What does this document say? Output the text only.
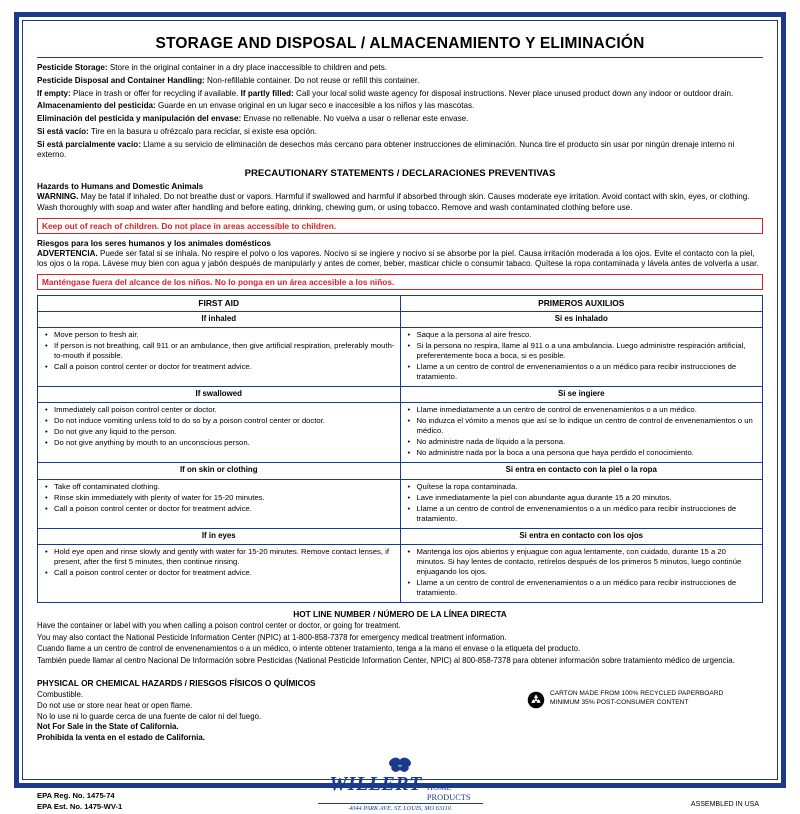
STORAGE AND DISPOSAL / ALMACENAMIENTO Y ELIMINACIÓN

Pesticide Storage: Store in the original container in a dry place inaccessible to children and pets.

Pesticide Disposal and Container Handling: Non-refillable container. Do not reuse or refill this container.

If empty: Place in trash or offer for recycling if available. If partly filled: Call your local solid waste agency for disposal instructions. Never place unused product down any indoor or outdoor drain.

Almacenamiento del pesticida: Guarde en un envase original en un lugar seco e inaccesible a los niños y las mascotas.

Eliminación del pesticida y manipulación del envase: Envase no rellenable. No vuelva a usar o rellenar este envase.

Si está vacío: Tire en la basura u ofrézcalo para reciclar, si existe esa opción.

Si está parcialmente vacío: Llame a su servicio de eliminación de desechos más cercano para obtener instrucciones de eliminación. Nunca tire el producto sin usar por ningún drenaje interno ni externo.

PRECAUTIONARY STATEMENTS / DECLARACIONES PREVENTIVAS
Hazards to Humans and Domestic Animals

WARNING. May be fatal if inhaled. Do not breathe dust or vapors. Harmful if swallowed and harmful if absorbed through skin. Causes moderate eye irritation. Avoid contact with skin, eyes, or clothing. Wash thoroughly with soap and water after handling and before eating, drinking, chewing gum, or using tobacco. Remove and wash contaminated clothing before use.

Keep out of reach of children. Do not place in areas accessible to children.
Riesgos para los seres humanos y los animales domésticos

ADVERTENCIA. Puede ser fatal si se inhala. No respire el polvo o los vapores. Nocivo si se ingiere y nocivo si se absorbe por la piel. Causa irritación moderada a los ojos. Evite el contacto con la piel, los ojos o la ropa. Lávese muy bien con agua y jabón después de manipularly y antes de comer, beber, masticar chicle o consumir tabaco. Quítese la ropa contaminada y lávela antes de volverla a usar.

Manténgase fuera del alcance de los niños. No lo ponga en un área accesible a los niños.
FIRST AID	PRIMEROS AUXILIOS
If inhaled	Si es inhalado

• Move person to fresh air.
• If person is not breathing, call 911 or an ambulance, then give artificial respiration, preferably mouth-to-mouth if possible.
• Call a poison control center or doctor for treatment advice.

• Saque a la persona al aire fresco.
• Si la persona no respira, llame al 911 o a una ambulancia. Luego administre respiración artificial, preferentemente boca a boca, si es posible.
• Llame a un centro de control de envenenamientos o a un médico para recibir instrucciones de tratamiento.

If swallowed	Si se ingiere

• Immediately call poison control center or doctor.
• Do not induce vomiting unless told to do so by a poison control center or doctor.
• Do not give any liquid to the person.
• Do not give anything by mouth to an unconscious person.

• Llame inmediatamente a un centro de control de envenenamientos o a un médico.
• No induzca el vómito a menos que así se lo indique un centro de control de envenenamientos o un médico.
• No administre nada de líquido a la persona.
• No administre nada por la boca a una persona que haya perdido el conocimiento.

If on skin or clothing	Si entra en contacto con la piel o la ropa

• Take off contaminated clothing.
• Rinse skin immediately with plenty of water for 15-20 minutes.
• Call a poison control center or doctor for treatment advice.

• Quítese la ropa contaminada.
• Lave inmediatamente la piel con abundante agua durante 15 a 20 minutos.
• Llame a un centro de control de envenenamientos o a un médico para recibir instrucciones de tratamiento.

If in eyes	Si entra en contacto con los ojos

• Hold eye open and rinse slowly and gently with water for 15-20 minutes. Remove contact lenses, if present, after the first 5 minutes, then continue rinsing.
• Call a poison control center or doctor for treatment advice.

• Mantenga los ojos abiertos y enjuague con agua lentamente, con cuidado, durante 15 a 20 minutos. Si hay lentes de contacto, retírelos después de los primeros 5 minutos, luego continúe enjuagando los ojos.
• Llame a un centro de control de envenenamientos o a un médico para recibir instrucciones de tratamiento.
HOT LINE NUMBER / NÚMERO DE LA LÍNEA DIRECTA

Have the container or label with you when calling a poison control center or doctor, or going for treatment.

You may also contact the National Pesticide Information Center (NPIC) at 1-800-858-7378 for emergency medical treatment information.

Cuando llame a un centro de control de envenenamientos o a un médico, o intente obtener tratamiento, tenga a la mano el envase o la etiqueta del producto.

También puede llamar al centro Nacional De Información sobre Pesticidas (National Pesticide Information Center, NPIC) al 800-858-7378 para obtener información sobre tratamiento médico de urgencia.

PHYSICAL OR CHEMICAL HAZARDS / RIESGOS FÍSICOS O QUÍMICOS

Combustible.

Do not use or store near heat or open flame.

No lo use ni lo guarde cerca de una fuente de calor ni del fuego.

Not For Sale in the State of California.

Prohibida la venta en el estado de California.

CARTON MADE FROM 100% RECYCLED PAPERBOARD
MINIMUM 35% POST-CONSUMER CONTENT
EPA Reg. No. 1475-74
EPA Est. No. 1475-WV-1
WILLERT HOME
PRODUCTS
4044 PARK AVE. ST. LOUIS, MO 63110
ASSEMBLED IN USA
